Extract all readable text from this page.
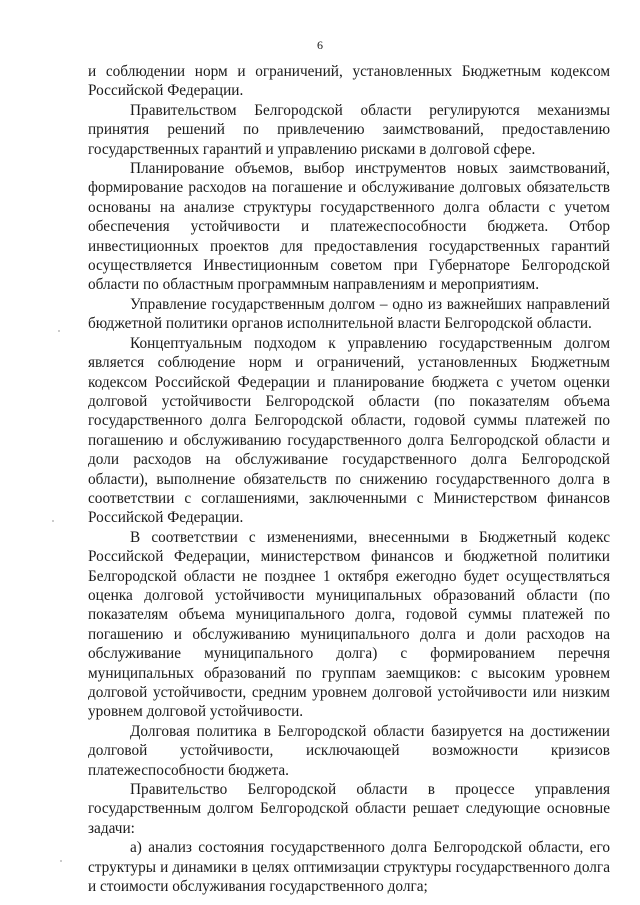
6

и соблюдении норм и ограничений, установленных Бюджетным кодексом Российской Федерации.

Правительством Белгородской области регулируются механизмы принятия решений по привлечению заимствований, предоставлению государственных гарантий и управлению рисками в долговой сфере.

Планирование объемов, выбор инструментов новых заимствований, формирование расходов на погашение и обслуживание долговых обязательств основаны на анализе структуры государственного долга области с учетом обеспечения устойчивости и платежеспособности бюджета. Отбор инвестиционных проектов для предоставления государственных гарантий осуществляется Инвестиционным советом при Губернаторе Белгородской области по областным программным направлениям и мероприятиям.

Управление государственным долгом – одно из важнейших направлений бюджетной политики органов исполнительной власти Белгородской области.

Концептуальным подходом к управлению государственным долгом является соблюдение норм и ограничений, установленных Бюджетным кодексом Российской Федерации и планирование бюджета с учетом оценки долговой устойчивости Белгородской области (по показателям объема государственного долга Белгородской области, годовой суммы платежей по погашению и обслуживанию государственного долга Белгородской области и доли расходов на обслуживание государственного долга Белгородской области), выполнение обязательств по снижению государственного долга в соответствии с соглашениями, заключенными с Министерством финансов Российской Федерации.

В соответствии с изменениями, внесенными в Бюджетный кодекс Российской Федерации, министерством финансов и бюджетной политики Белгородской области не позднее 1 октября ежегодно будет осуществляться оценка долговой устойчивости муниципальных образований области (по показателям объема муниципального долга, годовой суммы платежей по погашению и обслуживанию муниципального долга и доли расходов на обслуживание муниципального долга) с формированием перечня муниципальных образований по группам заемщиков: с высоким уровнем долговой устойчивости, средним уровнем долговой устойчивости или низким уровнем долговой устойчивости.

Долговая политика в Белгородской области базируется на достижении долговой устойчивости, исключающей возможности кризисов платежеспособности бюджета.

Правительство Белгородской области в процессе управления государственным долгом Белгородской области решает следующие основные задачи:

а) анализ состояния государственного долга Белгородской области, его структуры и динамики в целях оптимизации структуры государственного долга и стоимости обслуживания государственного долга;
